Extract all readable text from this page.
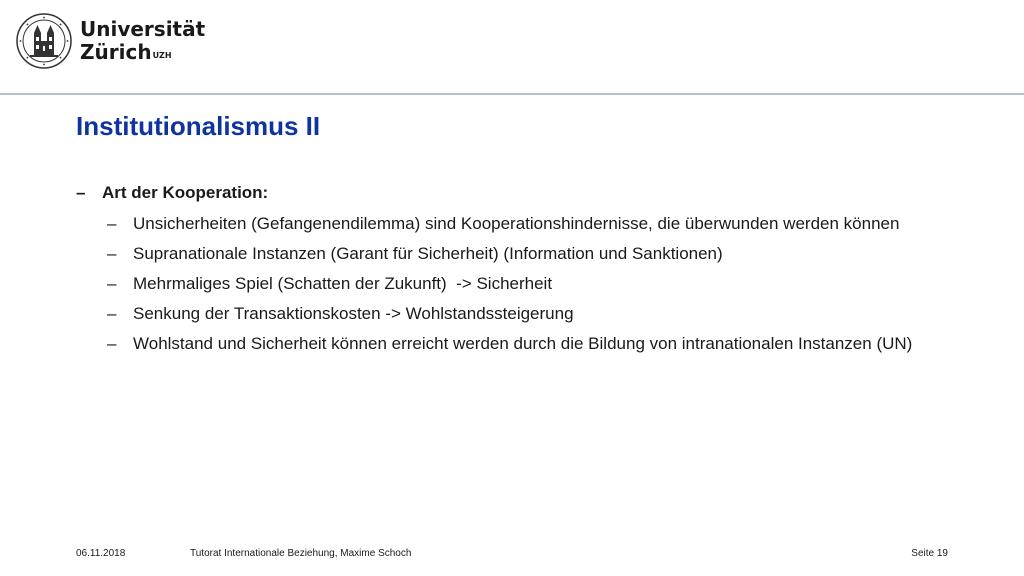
Universität
Zürich$^{UZH}$
Institutionalismus II
– Art der Kooperation:
– Unsicherheiten (Gefangenendilemma) sind Kooperationshindernisse, die überwunden werden können
– Supranationale Instanzen (Garant für Sicherheit) (Information und Sanktionen)
– Mehrmaliges Spiel (Schatten der Zukunft)  -> Sicherheit
– Senkung der Transaktionskosten -> Wohlstandssteigerung
– Wohlstand und Sicherheit können erreicht werden durch die Bildung von intranationalen Instanzen (UN)
06.11.2018	Tutorat Internationale Beziehung, Maxime Schoch	Seite 19
